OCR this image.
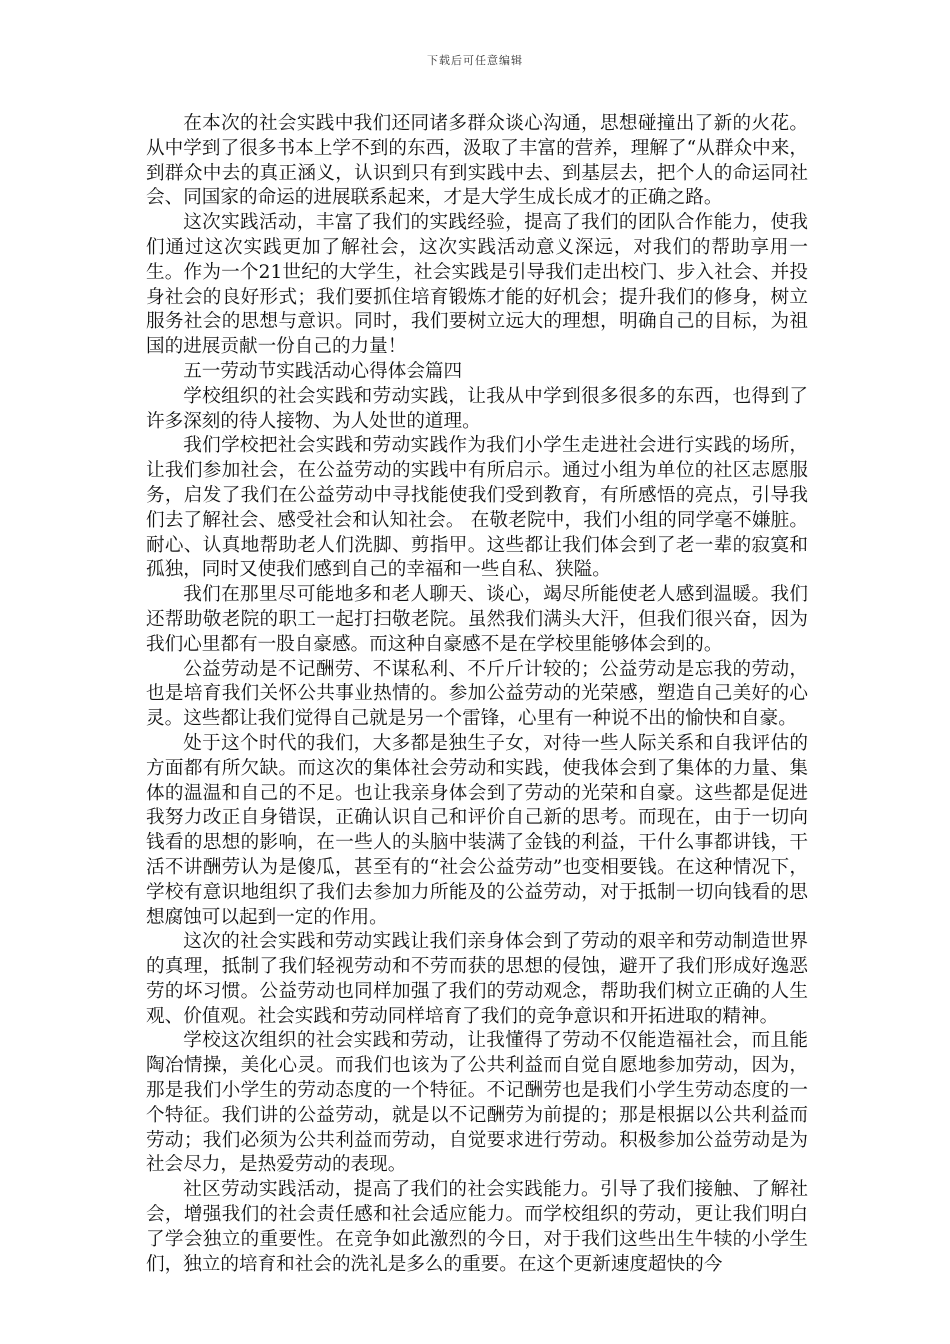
下载后可任意编辑

在本次的社会实践中我们还同诸多群众谈心沟通，思想碰撞出了新的火花。从中学到了很多书本上学不到的东西，汲取了丰富的营养，理解了“从群众中来，到群众中去的真正涵义，认识到只有到实践中去、到基层去，把个人的命运同社会、同国家的命运的进展联系起来，才是大学生成长成才的正确之路。

这次实践活动，丰富了我们的实践经验，提高了我们的团队合作能力，使我们通过这次实践更加了解社会，这次实践活动意义深远，对我们的帮助享用一生。作为一个21世纪的大学生，社会实践是引导我们走出校门、步入社会、并投身社会的良好形式；我们要抓住培育锻炼才能的好机会；提升我们的修身，树立服务社会的思想与意识。同时，我们要树立远大的理想，明确自己的目标，为祖国的进展贡献一份自己的力量！

五一劳动节实践活动心得体会篇四

学校组织的社会实践和劳动实践，让我从中学到很多很多的东西，也得到了许多深刻的待人接物、为人处世的道理。

我们学校把社会实践和劳动实践作为我们小学生走进社会进行实践的场所，让我们参加社会，在公益劳动的实践中有所启示。通过小组为单位的社区志愿服务，启发了我们在公益劳动中寻找能使我们受到教育，有所感悟的亮点，引导我们去了解社会、感受社会和认知社会。 在敬老院中，我们小组的同学毫不嫌脏。耐心、认真地帮助老人们洗脚、剪指甲。这些都让我们体会到了老一辈的寂寞和孤独，同时又使我们感到自己的幸福和一些自私、狭隘。

我们在那里尽可能地多和老人聊天、谈心，竭尽所能使老人感到温暖。我们还帮助敬老院的职工一起打扫敬老院。虽然我们满头大汗，但我们很兴奋，因为我们心里都有一股自豪感。而这种自豪感不是在学校里能够体会到的。

公益劳动是不记酬劳、不谋私利、不斤斤计较的；公益劳动是忘我的劳动，也是培育我们关怀公共事业热情的。参加公益劳动的光荣感，塑造自己美好的心灵。这些都让我们觉得自己就是另一个雷锋，心里有一种说不出的愉快和自豪。

处于这个时代的我们，大多都是独生子女，对待一些人际关系和自我评估的方面都有所欠缺。而这次的集体社会劳动和实践，使我体会到了集体的力量、集体的温温和自己的不足。也让我亲身体会到了劳动的光荣和自豪。这些都是促进我努力改正自身错误，正确认识自己和评价自己新的思考。而现在，由于一切向钱看的思想的影响，在一些人的头脑中装满了金钱的利益，干什么事都讲钱，干活不讲酬劳认为是傻瓜，甚至有的“社会公益劳动”也变相要钱。在这种情况下，学校有意识地组织了我们去参加力所能及的公益劳动，对于抵制一切向钱看的思想腐蚀可以起到一定的作用。

这次的社会实践和劳动实践让我们亲身体会到了劳动的艰辛和劳动制造世界的真理，抵制了我们轻视劳动和不劳而获的思想的侵蚀，避开了我们形成好逸恶劳的坏习惯。公益劳动也同样加强了我们的劳动观念，帮助我们树立正确的人生观、价值观。社会实践和劳动同样培育了我们的竞争意识和开拓进取的精神。

学校这次组织的社会实践和劳动，让我懂得了劳动不仅能造福社会，而且能陶冶情操，美化心灵。而我们也该为了公共利益而自觉自愿地参加劳动，因为，那是我们小学生的劳动态度的一个特征。不记酬劳也是我们小学生劳动态度的一个特征。我们讲的公益劳动，就是以不记酬劳为前提的；那是根据以公共利益而劳动；我们必须为公共利益而劳动，自觉要求进行劳动。积极参加公益劳动是为社会尽力，是热爱劳动的表现。

社区劳动实践活动，提高了我们的社会实践能力。引导了我们接触、了解社会，增强我们的社会责任感和社会适应能力。而学校组织的劳动，更让我们明白了学会独立的重要性。在竞争如此激烈的今日，对于我们这些出生牛犊的小学生们，独立的培育和社会的洗礼是多么的重要。在这个更新速度超快的今
